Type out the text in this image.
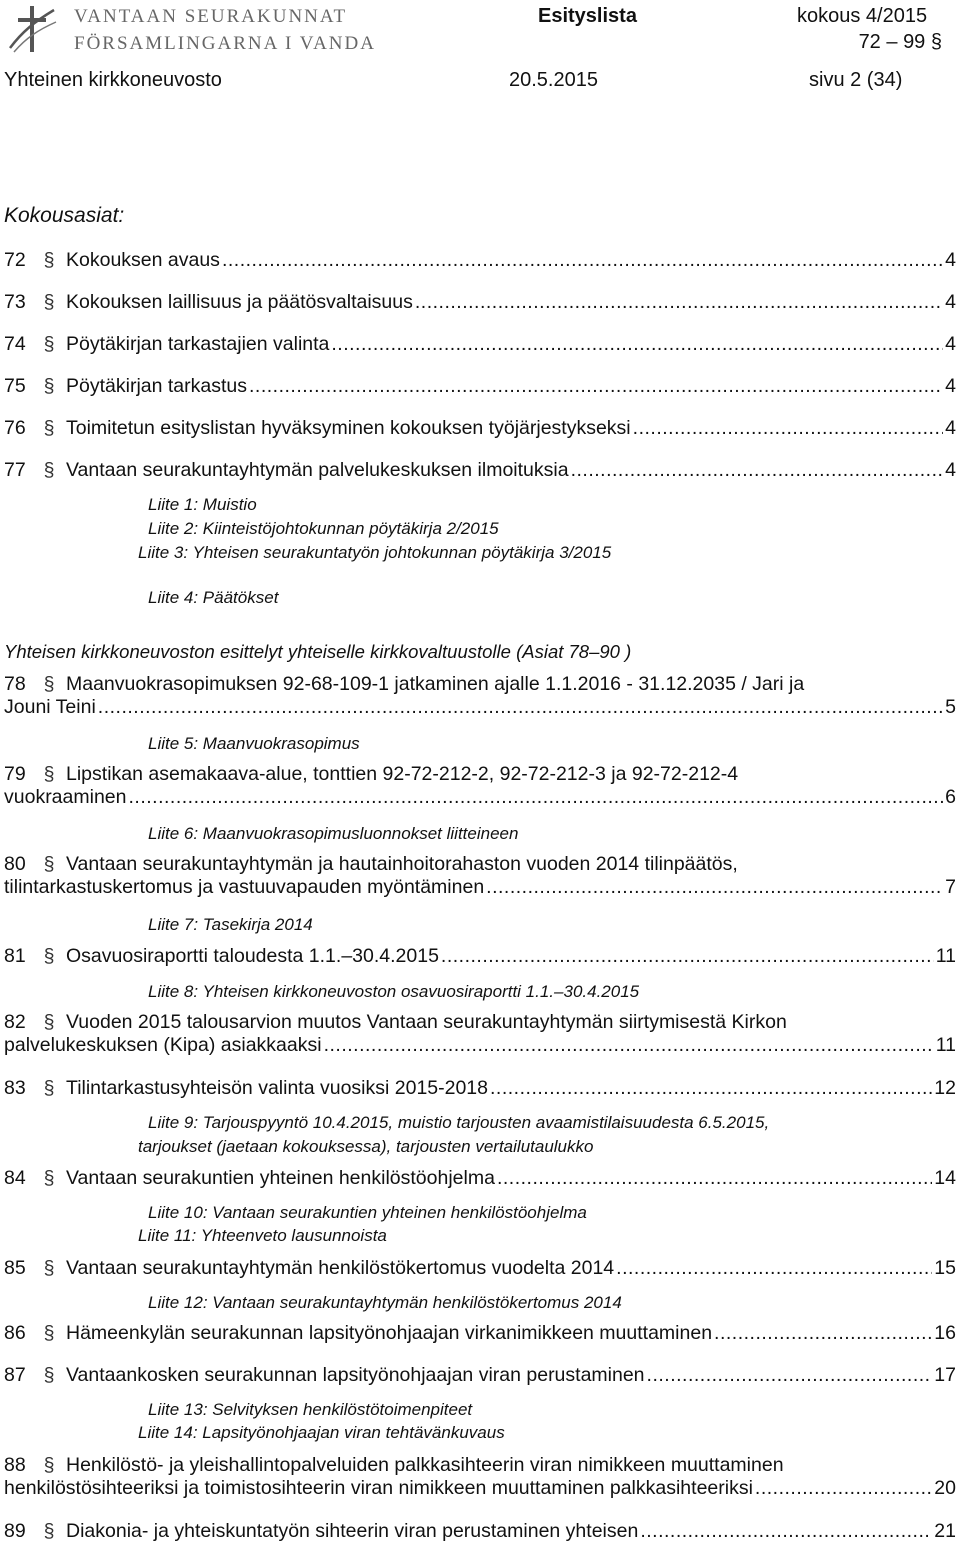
VANTAAN SEURAKUNNAT
FÖRSAMLINGARNA I VANDA
Esityslista	kokous 4/2015
72 – 99 §
Yhteinen kirkkoneuvosto	20.5.2015	sivu 2 (34)
Kokousasiat:
Yhteisen kirkkoneuvoston esittelyt yhteiselle kirkkovaltuustolle (Asiat 78–90 )
72 § Kokouksen avaus .....	4
73 § Kokouksen laillisuus ja päätösvaltaisuus .....	4
74 § Pöytäkirjan tarkastajien valinta .....	4
75 § Pöytäkirjan tarkastus .....	4
76 § Toimitetun esityslistan hyväksyminen kokouksen työjärjestykseksi .....	4
77 § Vantaan seurakuntayhtymän palvelukeskuksen ilmoituksia .....	4
78 § Maanvuokrasopimuksen 92-68-109-1 jatkaminen ajalle 1.1.2016 - 31.12.2035 / Jari ja
Jouni Teini .....	5
79 § Lipstikan asemakaava-alue, tonttien 92-72-212-2, 92-72-212-3 ja 92-72-212-4
vuokraaminen .....	6
80 § Vantaan seurakuntayhtymän ja hautainhoitorahaston vuoden 2014 tilinpäätös,
tilintarkastuskertomus ja vastuuvapauden myöntäminen .....	7
81 § Osavuosiraportti taloudesta 1.1.–30.4.2015 .....	11
82 § Vuoden 2015 talousarvion muutos Vantaan seurakuntayhtymän siirtymisestä Kirkon
palvelukeskuksen (Kipa) asiakkaaksi .....	11
83 § Tilintarkastusyhteisön valinta vuosiksi 2015-2018 .....	12
84 § Vantaan seurakuntien yhteinen henkilöstöohjelma .....	14
85 § Vantaan seurakuntayhtymän henkilöstökertomus vuodelta 2014 .....	15
86 § Hämeenkylän seurakunnan lapsityönohjaajan virkanimikkeen muuttaminen .....	16
87 § Vantaankosken seurakunnan lapsityönohjaajan viran perustaminen .....	17
88 § Henkilöstö- ja yleishallintopalveluiden palkkasihteerin viran nimikkeen muuttaminen
henkilöstösihteeriksi ja toimistosihteerin viran nimikkeen muuttaminen palkkasihteeriksi .....	20
89 § Diakonia- ja yhteiskuntatyön sihteerin viran perustaminen yhteisen .....	21
Liite 1: Muistio
Liite 2: Kiinteistöjohtokunnan pöytäkirja 2/2015
Liite 3: Yhteisen seurakuntatyön johtokunnan pöytäkirja 3/2015
Liite 4: Päätökset
Liite 5: Maanvuokrasopimus
Liite 6: Maanvuokrasopimusluonnokset liitteineen
Liite 7: Tasekirja 2014
Liite 8: Yhteisen kirkkoneuvoston osavuosiraportti 1.1.–30.4.2015
Liite 9: Tarjouspyyntö 10.4.2015, muistio tarjousten avaamistilaisuudesta 6.5.2015,
tarjoukset (jaetaan kokouksessa), tarjousten vertailutaulukko
Liite 10: Vantaan seurakuntien yhteinen henkilöstöohjelma
Liite 11: Yhteenveto lausunnoista
Liite 12: Vantaan seurakuntayhtymän henkilöstökertomus 2014
Liite 13: Selvityksen henkilöstötoimenpiteet
Liite 14: Lapsityönohjaajan viran tehtävänkuvaus
